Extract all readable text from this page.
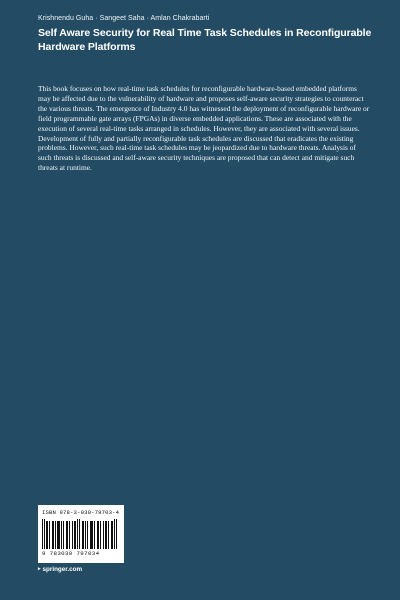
Krishnendu Guha · Sangeet Saha · Amlan Chakrabarti
Self Aware Security for Real Time Task Schedules in Reconfigurable Hardware Platforms

This book focuses on how real-time task schedules for reconfigurable hardware-based embedded platforms may be affected due to the vulnerability of hardware and proposes self-aware security strategies to counteract the various threats. The emergence of Industry 4.0 has witnessed the deployment of reconfigurable hardware or field programmable gate arrays (FPGAs) in diverse embedded applications. These are associated with the execution of several real-time tasks arranged in schedules. However, they are associated with several issues. Development of fully and partially reconfigurable task schedules are discussed that eradicates the existing problems. However, such real-time task schedules may be jeopardized due to hardware threats. Analysis of such threats is discussed and self-aware security techniques are proposed that can detect and mitigate such threats at runtime.

ISBN 978-3-030-79703-4
9 783030 797034
▸ springer.com
